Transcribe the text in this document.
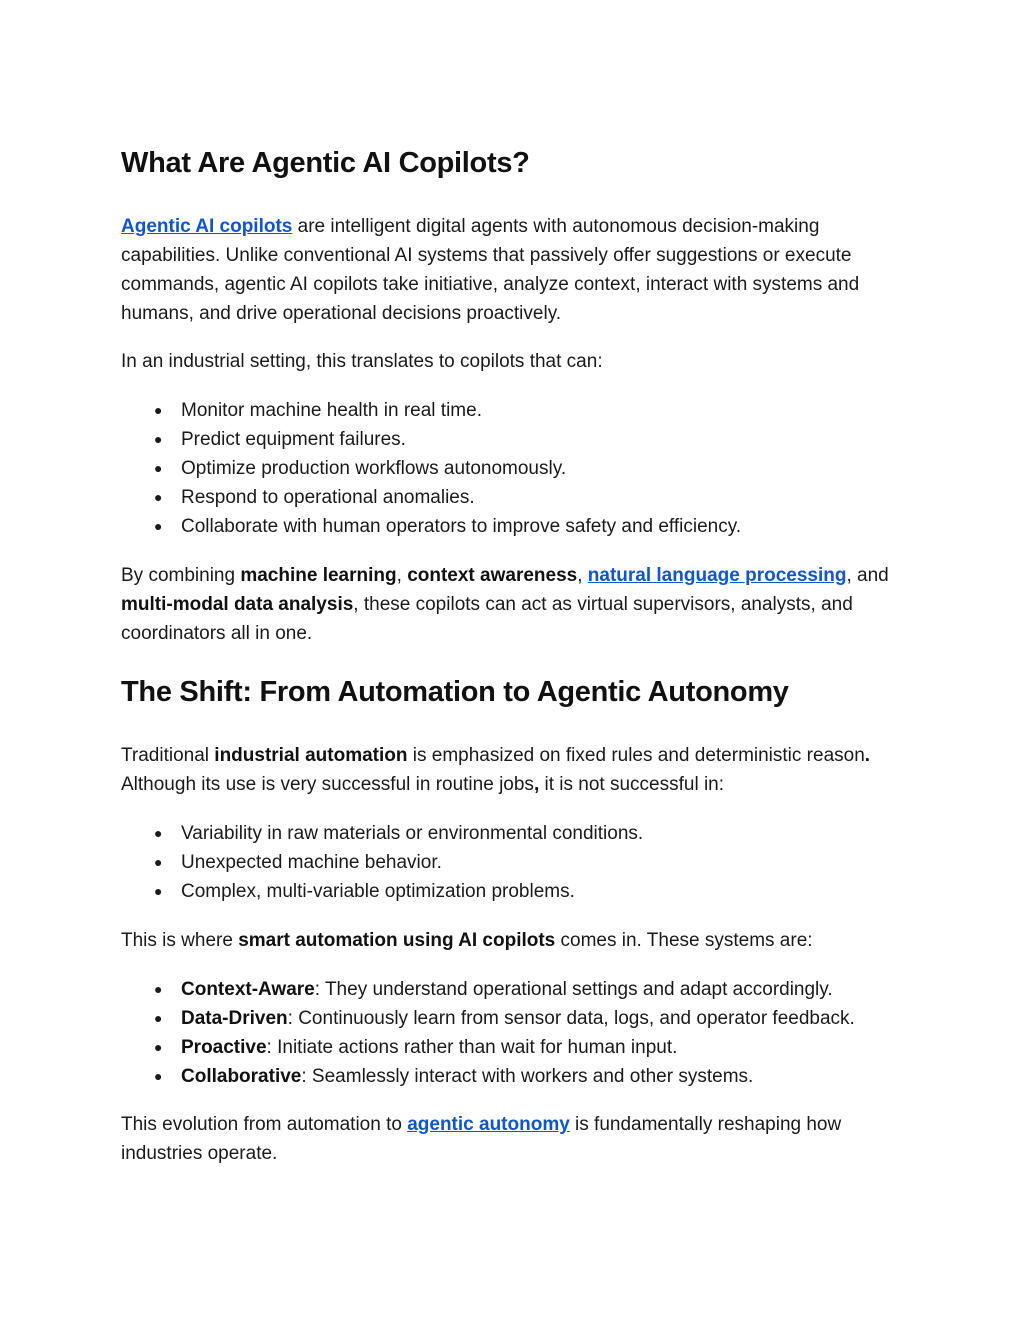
What Are Agentic AI Copilots?

Agentic AI copilots are intelligent digital agents with autonomous decision-making capabilities. Unlike conventional AI systems that passively offer suggestions or execute commands, agentic AI copilots take initiative, analyze context, interact with systems and humans, and drive operational decisions proactively.

In an industrial setting, this translates to copilots that can:

● Monitor machine health in real time.
● Predict equipment failures.
● Optimize production workflows autonomously.
● Respond to operational anomalies.
● Collaborate with human operators to improve safety and efficiency.

By combining machine learning, context awareness, natural language processing, and multi-modal data analysis, these copilots can act as virtual supervisors, analysts, and coordinators all in one.

The Shift: From Automation to Agentic Autonomy

Traditional industrial automation is emphasized on fixed rules and deterministic reason. Although its use is very successful in routine jobs, it is not successful in:

● Variability in raw materials or environmental conditions.
● Unexpected machine behavior.
● Complex, multi-variable optimization problems.

This is where smart automation using AI copilots comes in. These systems are:

● Context-Aware: They understand operational settings and adapt accordingly.
● Data-Driven: Continuously learn from sensor data, logs, and operator feedback.
● Proactive: Initiate actions rather than wait for human input.
● Collaborative: Seamlessly interact with workers and other systems.

This evolution from automation to agentic autonomy is fundamentally reshaping how industries operate.
